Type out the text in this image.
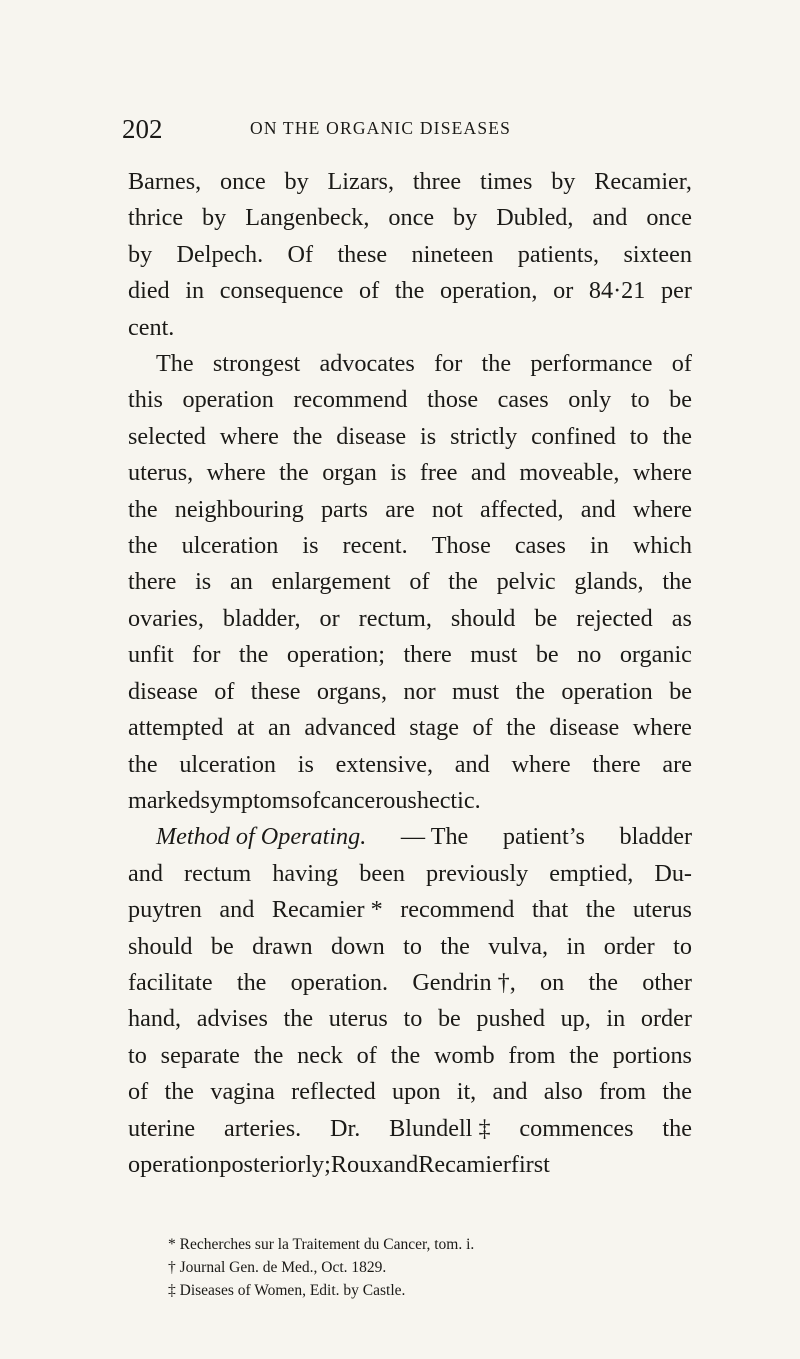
202	ON THE ORGANIC DISEASES
Barnes, once by Lizars, three times by Recamier,
thrice by Langenbeck, once by Dubled, and once
by Delpech. Of these nineteen patients, sixteen
died in consequence of the operation, or 84·21 per
cent.
The strongest advocates for the performance of
this operation recommend those cases only to be
selected where the disease is strictly confined to the
uterus, where the organ is free and moveable, where
the neighbouring parts are not affected, and where
the ulceration is recent. Those cases in which
there is an enlargement of the pelvic glands, the
ovaries, bladder, or rectum, should be rejected as
unfit for the operation; there must be no organic
disease of these organs, nor must the operation be
attempted at an advanced stage of the disease where
the ulceration is extensive, and where there are
marked symptoms of cancerous hectic.
Method of Operating. — The patient’s bladder
and rectum having been previously emptied, Du-
puytren and Recamier * recommend that the uterus
should be drawn down to the vulva, in order to
facilitate the operation. Gendrin †, on the other
hand, advises the uterus to be pushed up, in order
to separate the neck of the womb from the portions
of the vagina reflected upon it, and also from the
uterine arteries. Dr. Blundell ‡ commences the
operation posteriorly; Roux and Recamier first
* Recherches sur la Traitement du Cancer, tom. i.
† Journal Gen. de Med., Oct. 1829.
‡ Diseases of Women, Edit. by Castle.
